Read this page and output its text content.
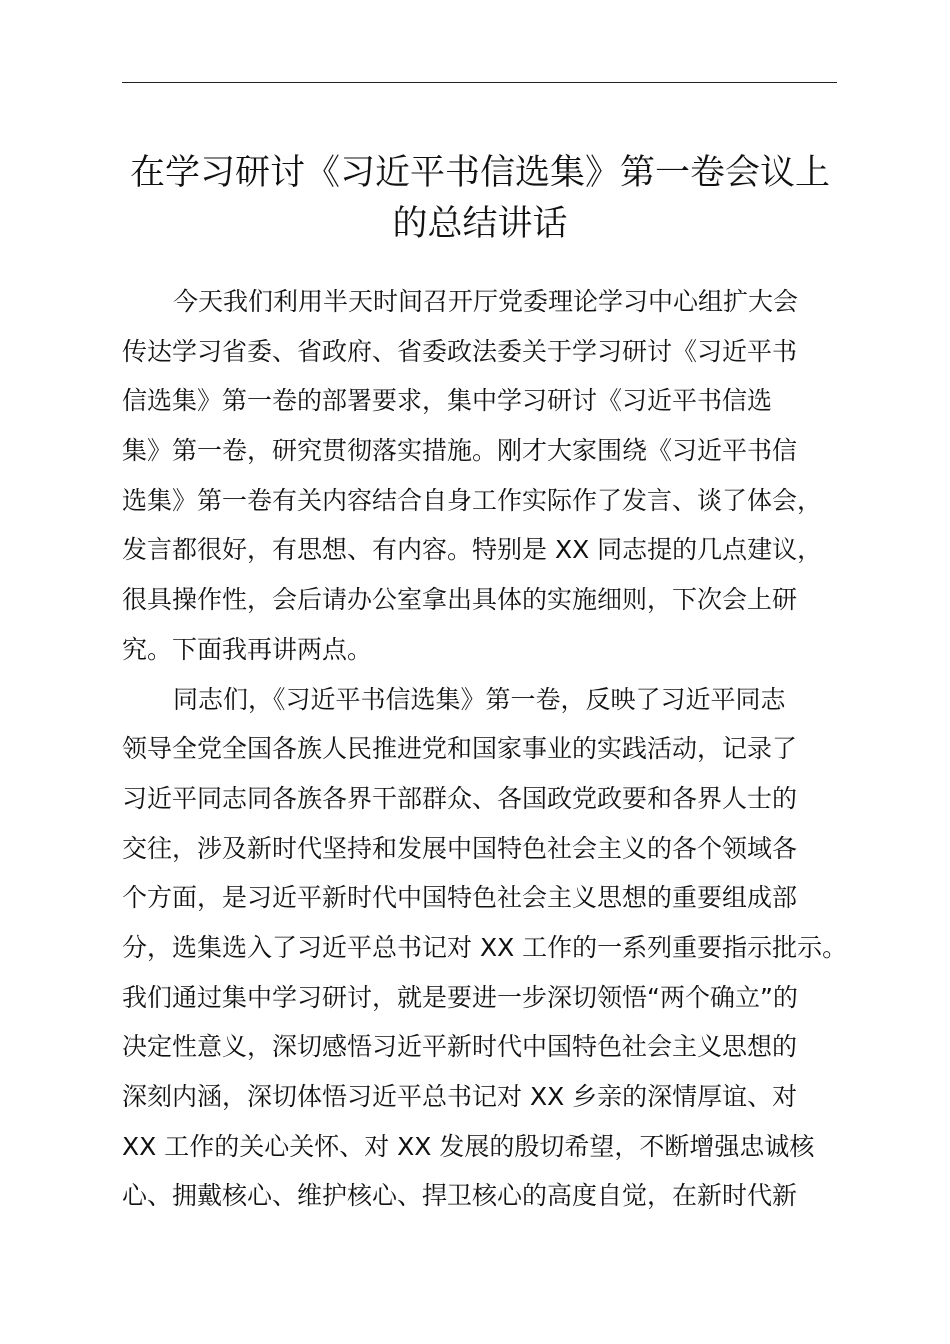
在学习研讨《习近平书信选集》第一卷会议上
的总结讲话
今天我们利用半天时间召开厅党委理论学习中心组扩大会
传达学习省委、省政府、省委政法委关于学习研讨《习近平书
信选集》第一卷的部署要求，集中学习研讨《习近平书信选
集》第一卷，研究贯彻落实措施。刚才大家围绕《习近平书信
选集》第一卷有关内容结合自身工作实际作了发言、谈了体会，
发言都很好，有思想、有内容。特别是 XX 同志提的几点建议，
很具操作性，会后请办公室拿出具体的实施细则，下次会上研
究。下面我再讲两点。
同志们，《习近平书信选集》第一卷，反映了习近平同志
领导全党全国各族人民推进党和国家事业的实践活动，记录了
习近平同志同各族各界干部群众、各国政党政要和各界人士的
交往，涉及新时代坚持和发展中国特色社会主义的各个领域各
个方面，是习近平新时代中国特色社会主义思想的重要组成部
分，选集选入了习近平总书记对 XX 工作的一系列重要指示批示。
我们通过集中学习研讨，就是要进一步深切领悟“两个确立”的
决定性意义，深切感悟习近平新时代中国特色社会主义思想的
深刻内涵，深切体悟习近平总书记对 XX 乡亲的深情厚谊、对
XX 工作的关心关怀、对 XX 发展的殷切希望，不断增强忠诚核
心、拥戴核心、维护核心、捍卫核心的高度自觉，在新时代新
